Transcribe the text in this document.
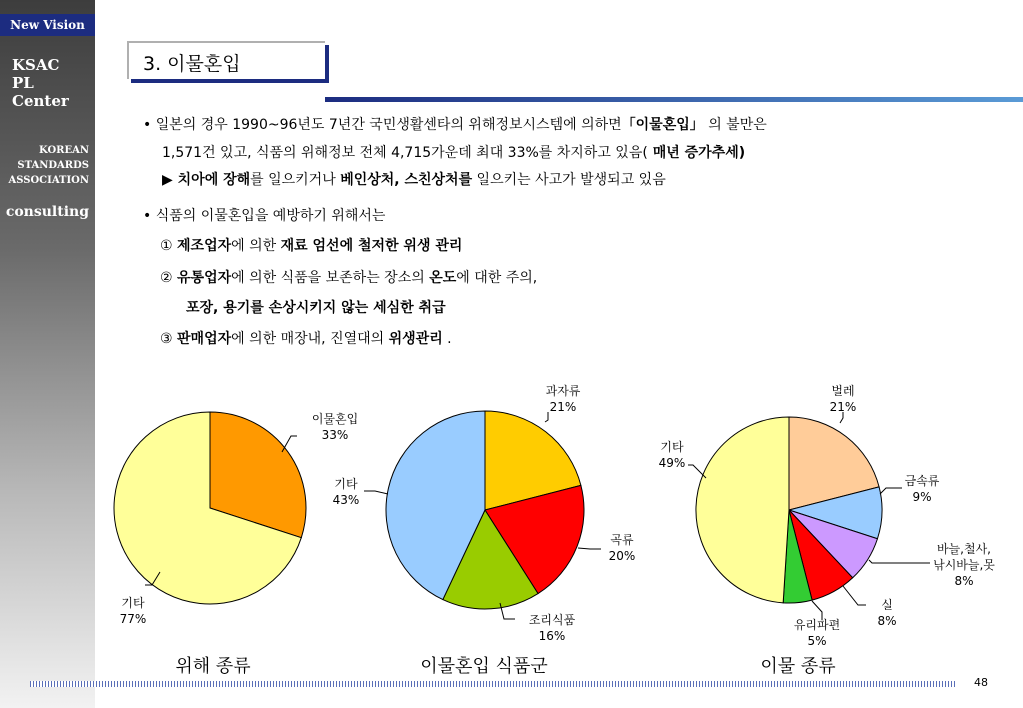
New Vision
KSAC
PL
Center
KOREAN
STANDARDS
ASSOCIATION
consulting
3. 이물혼입
• 일본의 경우 1990~96년도 7년간 국민생활센타의 위해정보시스템에 의하면「이물혼입」 의 불만은
1,571건 있고, 식품의 위해정보 전체 4,715가운데 최대 33%를 차지하고 있음( 매년 증가추세)
▶ 치아에 장해를 일으키거나 베인상처, 스친상처를 일으키는 사고가 발생되고 있음
• 식품의 이물혼입을 예방하기 위해서는
① 제조업자에 의한 재료 엄선에 철저한 위생 관리
② 유통업자에 의한 식품을 보존하는 장소의 온도에 대한 주의,
포장, 용기를 손상시키지 않는 세심한 취급
③ 판매업자에 의한 매장내, 진열대의 위생관리 .
이물혼입 33%
기타 77%
위해 종류
과자류 21%
곡류 20%
조리식품 16%
기타 43%
이물혼입 식품군
벌레 21%
금속류 9%
바늘,철사, 낚시바늘,못 8%
실 8%
유리파편 5%
기타 49%
이물 종류
48
